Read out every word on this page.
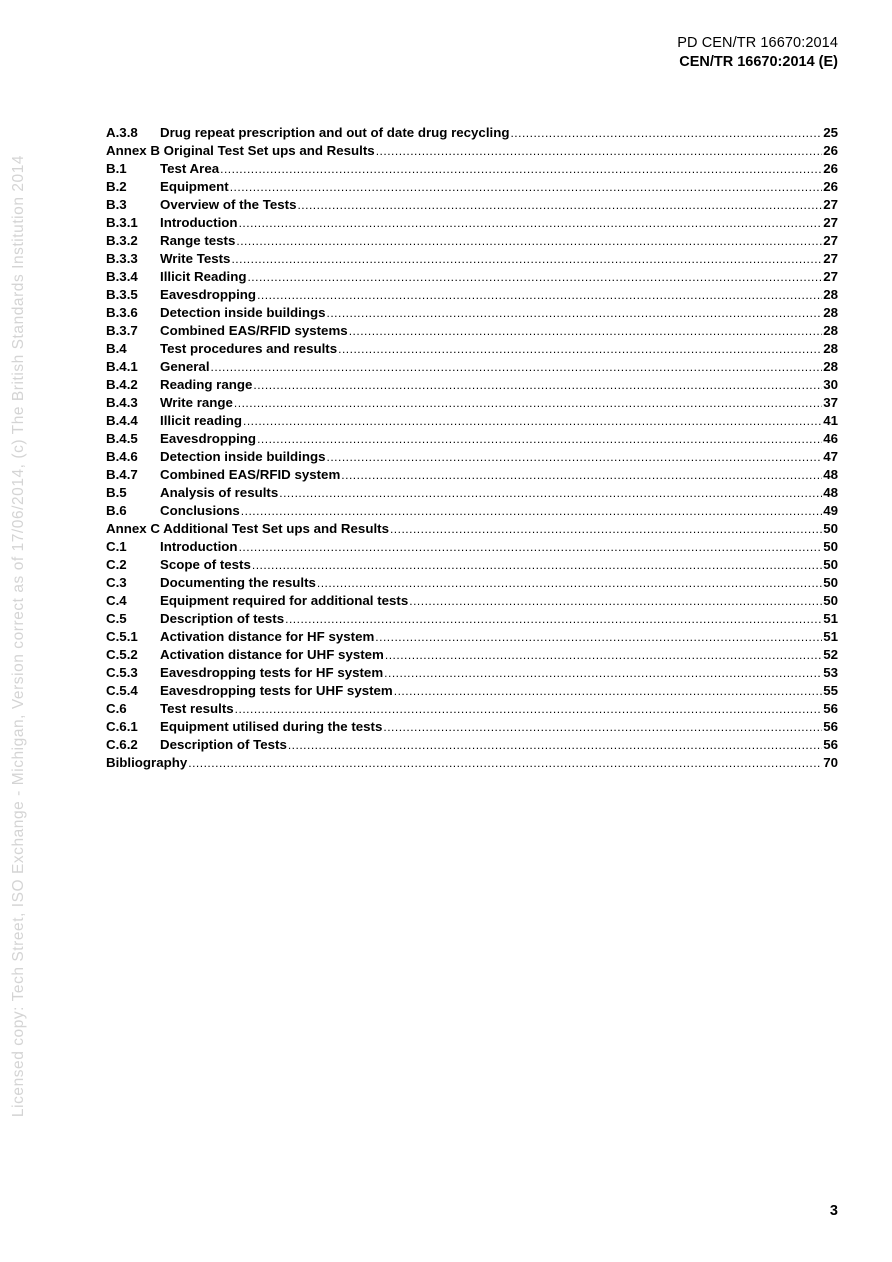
PD CEN/TR 16670:2014
CEN/TR 16670:2014 (E)
Licensed copy: Tech Street, ISO Exchange - Michigan, Version correct as of 17/06/2014, (c) The British Standards Institution 2014
A.3.8	Drug repeat prescription and out of date drug recycling .....	25
Annex B Original Test Set ups and Results .....	26
B.1	Test Area .....	26
B.2	Equipment .....	26
B.3	Overview of the Tests .....	27
B.3.1	Introduction .....	27
B.3.2	Range tests .....	27
B.3.3	Write Tests .....	27
B.3.4	Illicit Reading .....	27
B.3.5	Eavesdropping .....	28
B.3.6	Detection inside buildings .....	28
B.3.7	Combined EAS/RFID systems .....	28
B.4	Test procedures and results .....	28
B.4.1	General .....	28
B.4.2	Reading range .....	30
B.4.3	Write range .....	37
B.4.4	Illicit reading .....	41
B.4.5	Eavesdropping .....	46
B.4.6	Detection inside buildings .....	47
B.4.7	Combined EAS/RFID system .....	48
B.5	Analysis of results .....	48
B.6	Conclusions .....	49
Annex C Additional Test Set ups and Results .....	50
C.1	Introduction .....	50
C.2	Scope of tests .....	50
C.3	Documenting the results .....	50
C.4	Equipment required for additional tests .....	50
C.5	Description of tests .....	51
C.5.1	Activation distance for HF system .....	51
C.5.2	Activation distance for UHF system .....	52
C.5.3	Eavesdropping tests for HF system .....	53
C.5.4	Eavesdropping tests for UHF system .....	55
C.6	Test results .....	56
C.6.1	Equipment utilised during the tests .....	56
C.6.2	Description of Tests .....	56
Bibliography .....	70
3
